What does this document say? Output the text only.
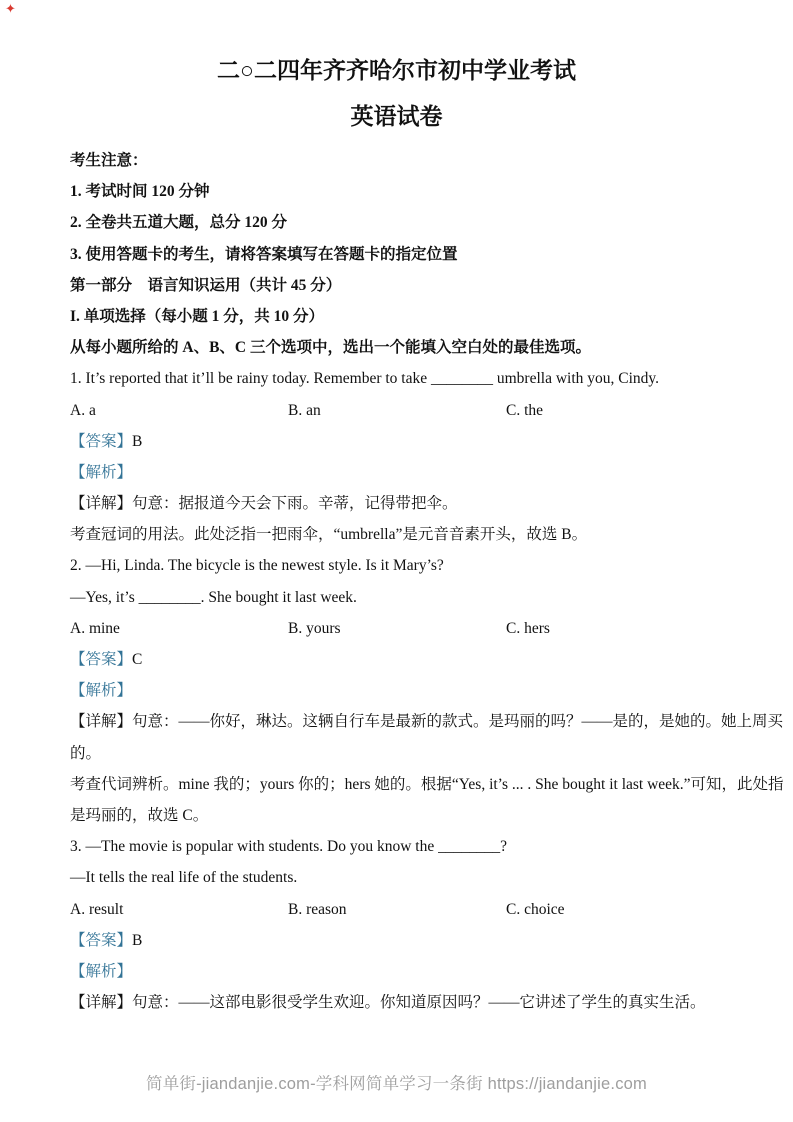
✦
二○二四年齐齐哈尔市初中学业考试
英语试卷
考生注意：
1. 考试时间 120 分钟
2. 全卷共五道大题，总分 120 分
3. 使用答题卡的考生，请将答案填写在答题卡的指定位置
第一部分　语言知识运用（共计 45 分）
I. 单项选择（每小题 1 分，共 10 分）
从每小题所给的 A、B、C 三个选项中，选出一个能填入空白处的最佳选项。
1. It’s reported that it’ll be rainy today. Remember to take ________ umbrella with you, Cindy.
A. a	B. an	C. the
【答案】B
【解析】
【详解】句意：据报道今天会下雨。辛蒂，记得带把伞。
考查冠词的用法。此处泛指一把雨伞，“umbrella”是元音音素开头，故选 B。
2. —Hi, Linda. The bicycle is the newest style. Is it Mary’s?
—Yes, it’s ________. She bought it last week.
A. mine	B. yours	C. hers
【答案】C
【解析】
【详解】句意：——你好，琳达。这辆自行车是最新的款式。是玛丽的吗？——是的，是她的。她上周买
的。
考查代词辨析。mine 我的；yours 你的；hers 她的。根据“Yes, it’s ... . She bought it last week.”可知，此处指
是玛丽的，故选 C。
3. —The movie is popular with students. Do you know the ________?
—It tells the real life of the students.
A. result	B. reason	C. choice
【答案】B
【解析】
【详解】句意：——这部电影很受学生欢迎。你知道原因吗？——它讲述了学生的真实生活。
简单街-jiandanjie.com-学科网简单学习一条街 https://jiandanjie.com
